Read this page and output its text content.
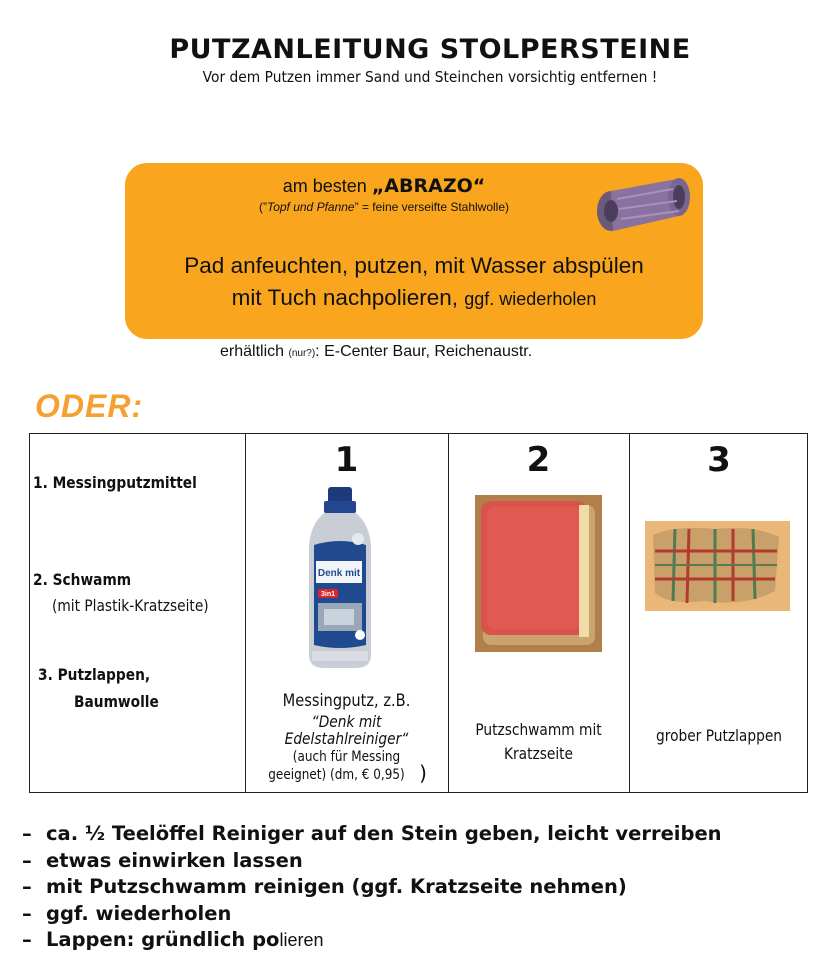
PUTZANLEITUNG STOLPERSTEINE
Vor dem Putzen immer Sand und Steinchen vorsichtig entfernen !
am besten „ABRAZO“
(”Topf und Pfanne” = feine verseifte Stahlwolle)
Pad anfeuchten, putzen, mit Wasser abspülen
mit Tuch nachpolieren, ggf. wiederholen
erhältlich (nur?): E-Center Baur, Reichenaustr.
ODER:
1. Messingputzmittel
2. Schwamm
(mit Plastik-Kratzseite)
3. Putzlappen,
Baumwolle
1	2	3
Denk mit
3in1
Messingputz, z.B.
“Denk mit
Edelstahlreiniger“
(auch für Messing
geeignet) (dm, € 0,95) )
Putzschwamm mit
Kratzseite
grober Putzlappen
– ca. ½ Teelöffel Reiniger auf den Stein geben, leicht verreiben
– etwas einwirken lassen
– mit Putzschwamm reinigen (ggf. Kratzseite nehmen)
– ggf. wiederholen
– Lappen: gründlich polieren
